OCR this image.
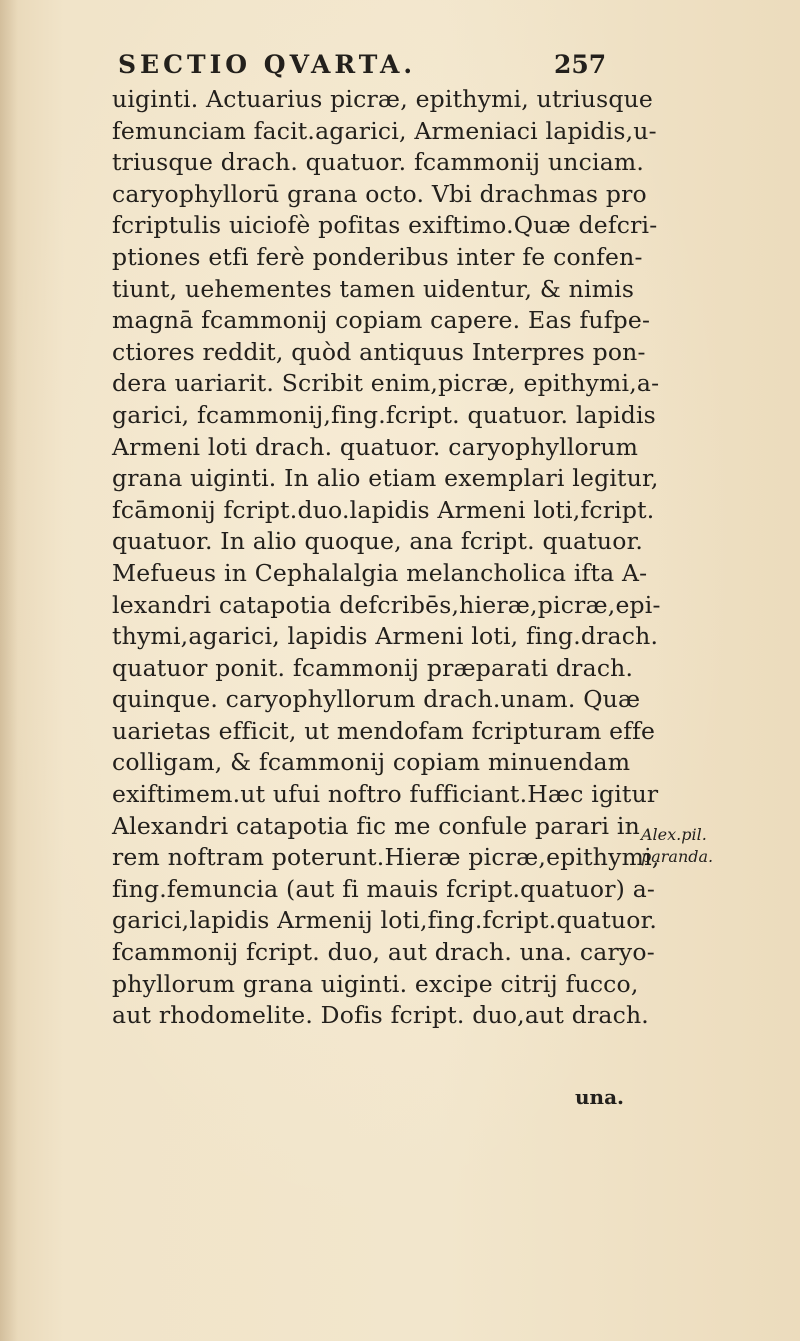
SECTIO QVARTA.	257
uiginti. Actuarius picræ, epithymi, utriusque
femunciam facit.agarici, Armeniaci lapidis,u-
triusque drach. quatuor. fcammonij unciam.
caryophyllorū grana octo. Vbi drachmas pro
fcriptulis uiciofè pofitas exiftimo.Quæ defcri-
ptiones etfi ferè ponderibus inter fe confen-
tiunt, uehementes tamen uidentur, & nimis
magnā fcammonij copiam capere. Eas fufpe-
ctiores reddit, quòd antiquus Interpres pon-
dera uariarit. Scribit enim,picræ, epithymi,a-
garici, fcammonij,fing.fcript. quatuor. lapidis
Armeni loti drach. quatuor. caryophyllorum
grana uiginti. In alio etiam exemplari legitur,
fcāmonij fcript.duo.lapidis Armeni loti,fcript.
quatuor. In alio quoque, ana fcript. quatuor.
Mefueus in Cephalalgia melancholica ifta A-
lexandri catapotia defcribēs,hieræ,picræ,epi-
thymi,agarici, lapidis Armeni loti, fing.drach.
quatuor ponit. fcammonij præparati drach.
quinque. caryophyllorum drach.unam. Quæ
uarietas efficit, ut mendofam fcripturam effe
colligam, & fcammonij copiam minuendam
exiftimem.ut ufui noftro fufficiant.Hæc igitur
Alexandri catapotia fic me confule parari in
rem noftram poterunt.Hieræ picræ,epithymi,
fing.femuncia (aut fi mauis fcript.quatuor) a-
garici,lapidis Armenij loti,fing.fcript.quatuor.
fcammonij fcript. duo, aut drach. una. caryo-
phyllorum grana uiginti. excipe citrij fucco,
aut rhodomelite. Dofis fcript. duo,aut drach.
Alex.pil.
paranda.
una.
